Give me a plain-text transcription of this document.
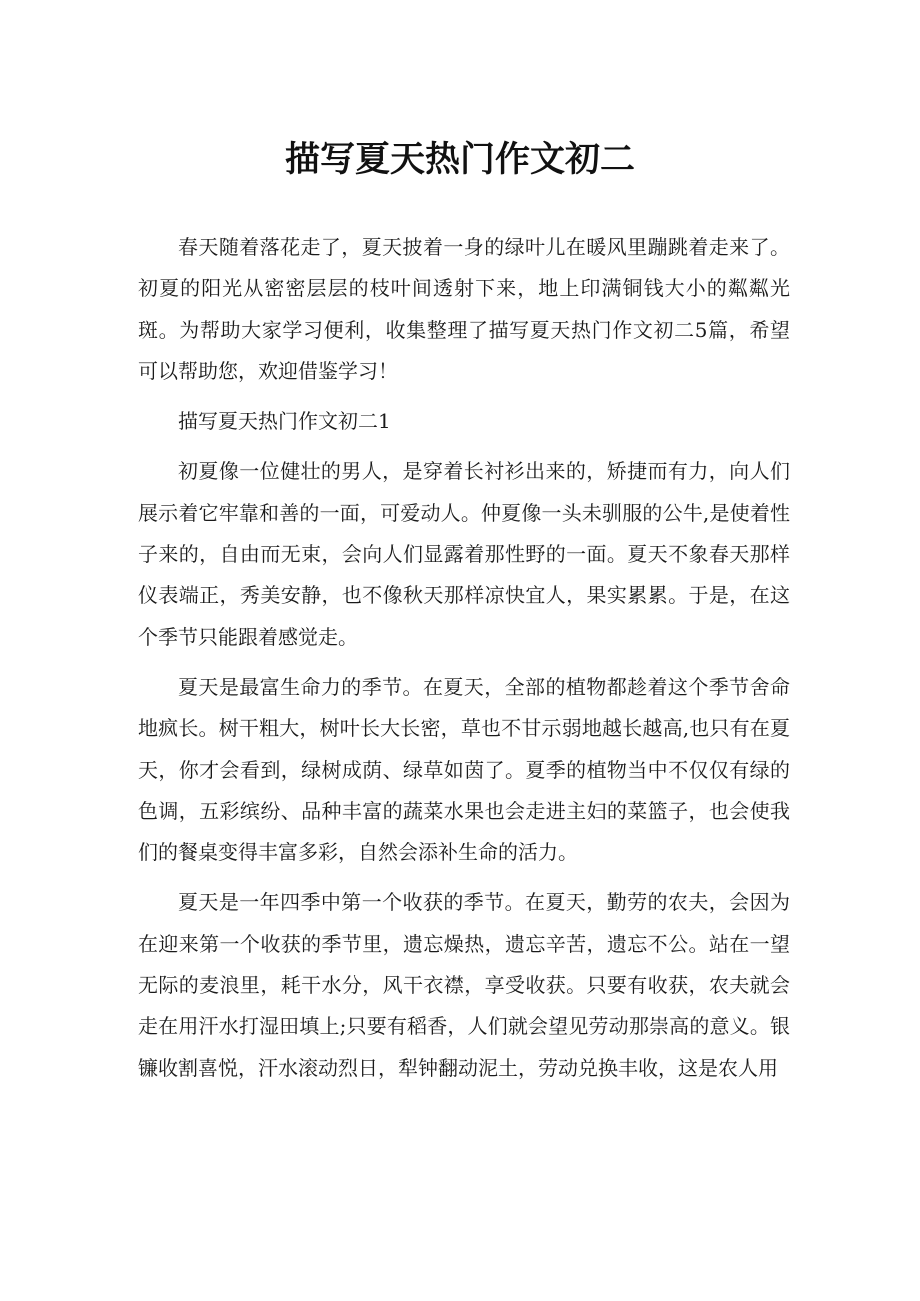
描写夏天热门作文初二

春天随着落花走了，夏天披着一身的绿叶儿在暖风里蹦跳着走来了。初夏的阳光从密密层层的枝叶间透射下来，地上印满铜钱大小的粼粼光斑。为帮助大家学习便利，收集整理了描写夏天热门作文初二5篇，希望可以帮助您，欢迎借鉴学习！

描写夏天热门作文初二1

初夏像一位健壮的男人，是穿着长衬衫出来的，矫捷而有力，向人们展示着它牢靠和善的一面，可爱动人。仲夏像一头未驯服的公牛,是使着性子来的，自由而无束，会向人们显露着那性野的一面。夏天不象春天那样仪表端正，秀美安静，也不像秋天那样凉快宜人，果实累累。于是，在这个季节只能跟着感觉走。

夏天是最富生命力的季节。在夏天，全部的植物都趁着这个季节舍命地疯长。树干粗大，树叶长大长密，草也不甘示弱地越长越高,也只有在夏天，你才会看到，绿树成荫、绿草如茵了。夏季的植物当中不仅仅有绿的色调，五彩缤纷、品种丰富的蔬菜水果也会走进主妇的菜篮子，也会使我们的餐桌变得丰富多彩，自然会添补生命的活力。

夏天是一年四季中第一个收获的季节。在夏天，勤劳的农夫，会因为在迎来第一个收获的季节里，遗忘燥热，遗忘辛苦，遗忘不公。站在一望无际的麦浪里，耗干水分，风干衣襟，享受收获。只要有收获，农夫就会走在用汗水打湿田填上;只要有稻香，人们就会望见劳动那崇高的意义。银镰收割喜悦，汗水滚动烈日，犁钟翻动泥土，劳动兑换丰收，这是农人用
